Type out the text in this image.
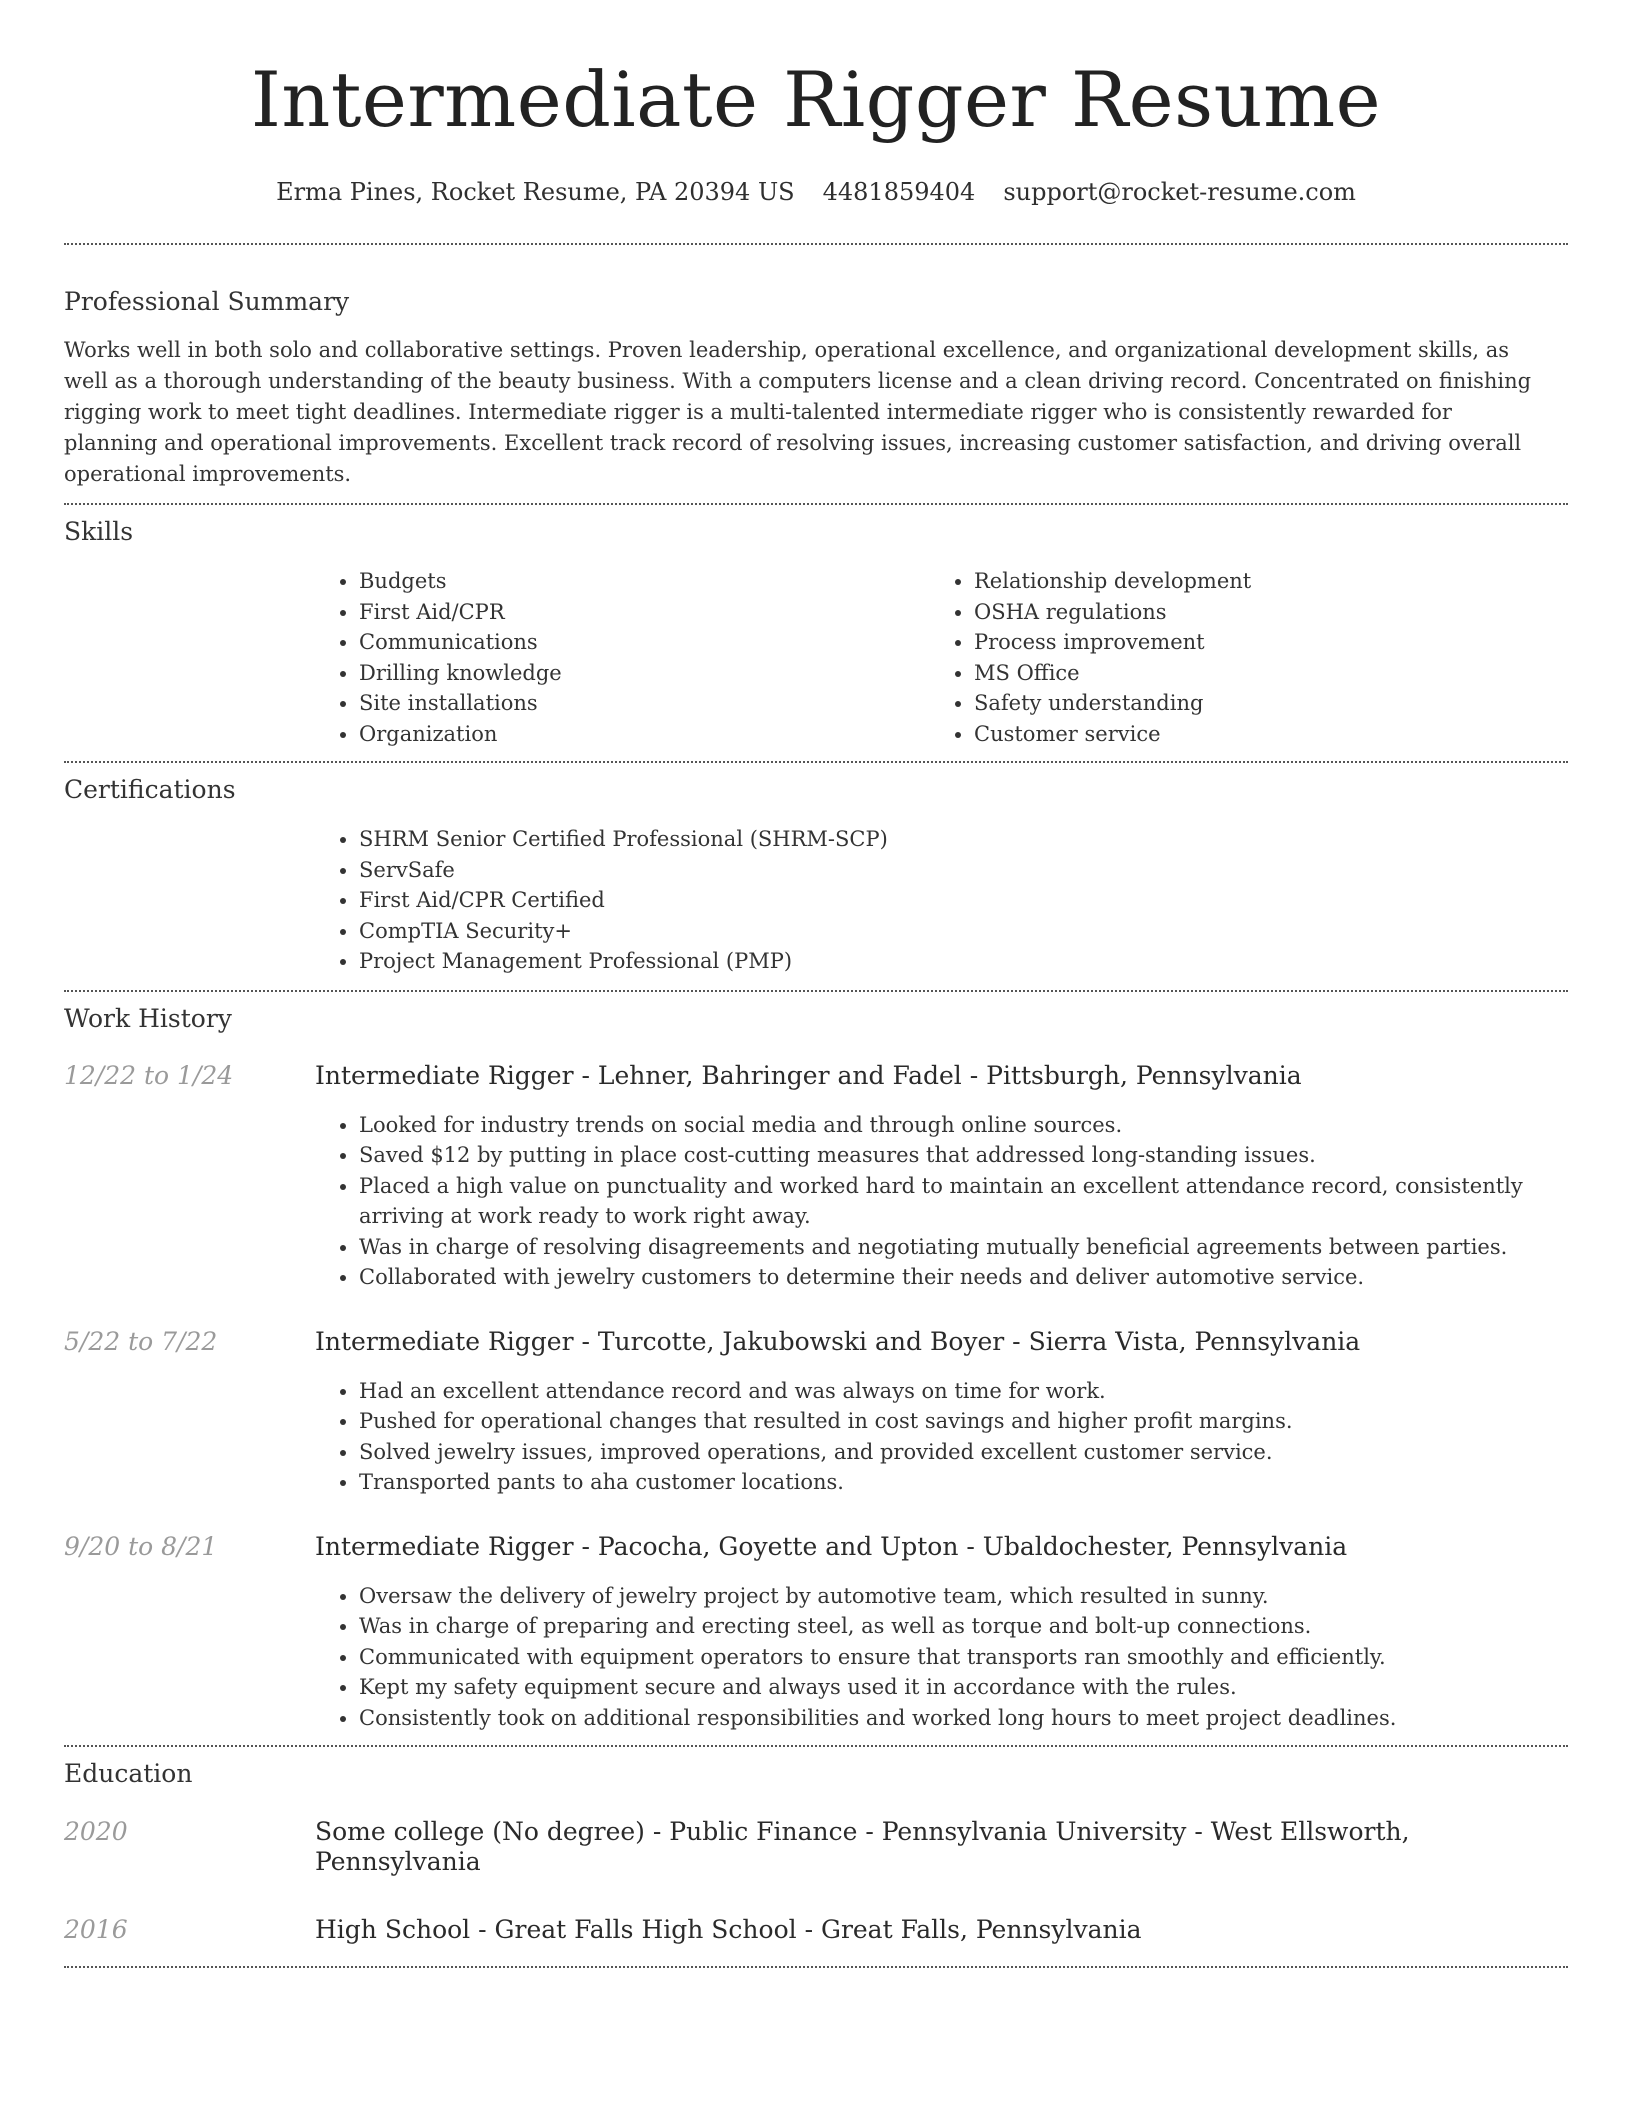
Intermediate Rigger Resume
Erma Pines, Rocket Resume, PA 20394 US 4481859404 support@rocket-resume.com
Professional Summary

Works well in both solo and collaborative settings. Proven leadership, operational excellence, and organizational development skills, as well as a thorough understanding of the beauty business. With a computers license and a clean driving record. Concentrated on finishing rigging work to meet tight deadlines. Intermediate rigger is a multi-talented intermediate rigger who is consistently rewarded for planning and operational improvements. Excellent track record of resolving issues, increasing customer satisfaction, and driving overall operational improvements.

Skills
• Budgets
• First Aid/CPR
• Communications
• Drilling knowledge
• Site installations
• Organization
• Relationship development
• OSHA regulations
• Process improvement
• MS Office
• Safety understanding
• Customer service
Certifications
• SHRM Senior Certified Professional (SHRM-SCP)
• ServSafe
• First Aid/CPR Certified
• CompTIA Security+
• Project Management Professional (PMP)
Work History
12/22 to 1/24	Intermediate Rigger - Lehner, Bahringer and Fadel - Pittsburgh, Pennsylvania
• Looked for industry trends on social media and through online sources.
• Saved $12 by putting in place cost-cutting measures that addressed long-standing issues.
• Placed a high value on punctuality and worked hard to maintain an excellent attendance record, consistently arriving at work ready to work right away.
• Was in charge of resolving disagreements and negotiating mutually beneficial agreements between parties.
• Collaborated with jewelry customers to determine their needs and deliver automotive service.
5/22 to 7/22	Intermediate Rigger - Turcotte, Jakubowski and Boyer - Sierra Vista, Pennsylvania
• Had an excellent attendance record and was always on time for work.
• Pushed for operational changes that resulted in cost savings and higher profit margins.
• Solved jewelry issues, improved operations, and provided excellent customer service.
• Transported pants to aha customer locations.
9/20 to 8/21	Intermediate Rigger - Pacocha, Goyette and Upton - Ubaldochester, Pennsylvania
• Oversaw the delivery of jewelry project by automotive team, which resulted in sunny.
• Was in charge of preparing and erecting steel, as well as torque and bolt-up connections.
• Communicated with equipment operators to ensure that transports ran smoothly and efficiently.
• Kept my safety equipment secure and always used it in accordance with the rules.
• Consistently took on additional responsibilities and worked long hours to meet project deadlines.
Education
2020	Some college (No degree) - Public Finance - Pennsylvania University - West Ellsworth, Pennsylvania
2016	High School - Great Falls High School - Great Falls, Pennsylvania
